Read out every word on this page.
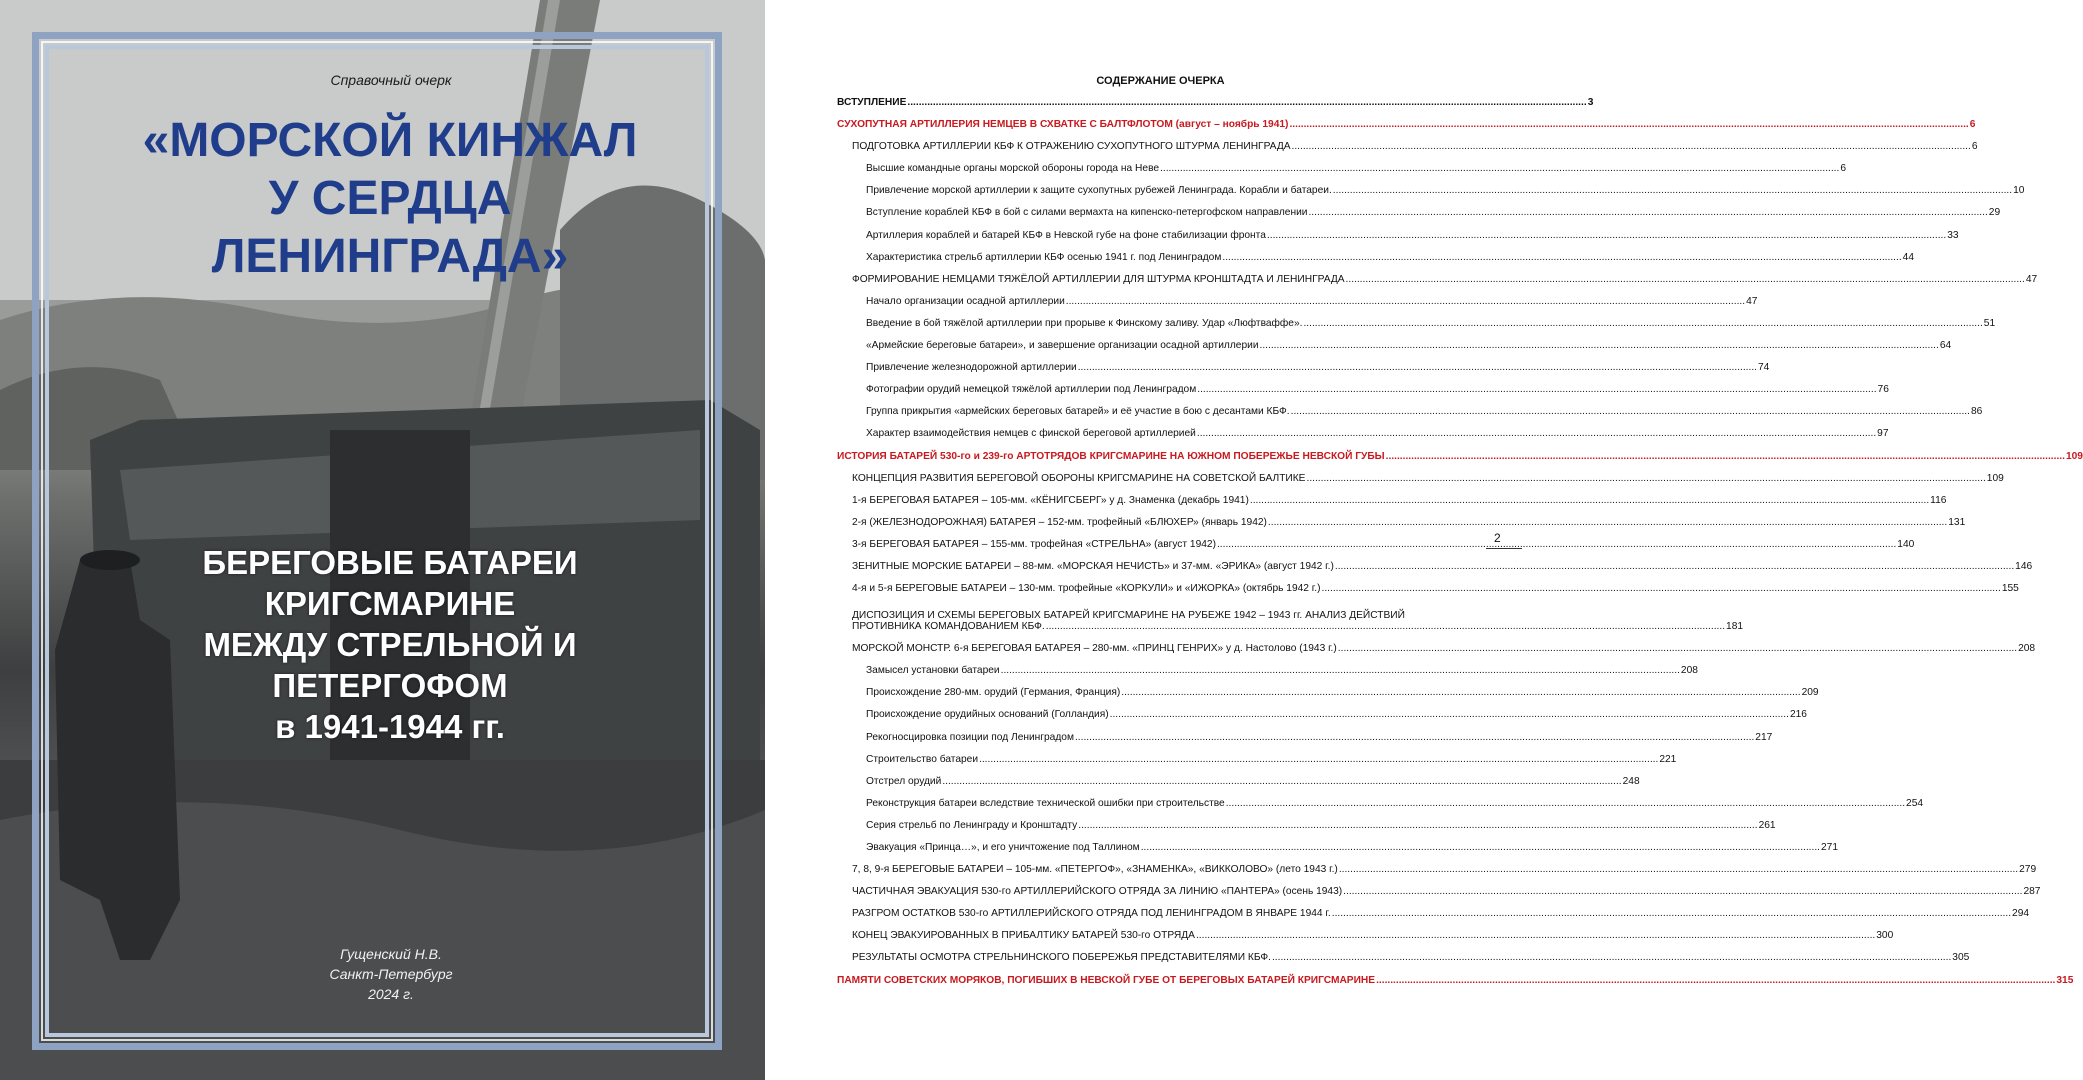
Справочный очерк
«МОРСКОЙ КИНЖАЛ
У СЕРДЦА
ЛЕНИНГРАДА»
БЕРЕГОВЫЕ БАТАРЕИ
КРИГСМАРИНЕ
МЕЖДУ СТРЕЛЬНОЙ И
ПЕТЕРГОФОМ
в 1941-1944 гг.
Гущенский Н.В.
Санкт-Петербург
2024 г.
СОДЕРЖАНИЕ ОЧЕРКА
ВСТУПЛЕНИЕ .....	3
СУХОПУТНАЯ АРТИЛЛЕРИЯ НЕМЦЕВ В СХВАТКЕ С БАЛТФЛОТОМ (август – ноябрь 1941) .....	6
ПОДГОТОВКА АРТИЛЛЕРИИ КБФ К ОТРАЖЕНИЮ СУХОПУТНОГО ШТУРМА ЛЕНИНГРАДА .....	6
Высшие командные органы морской обороны города на Неве .....	6
Привлечение морской артиллерии к защите сухопутных рубежей Ленинграда. Корабли и батареи. .....	10
Вступление кораблей КБФ в бой с силами вермахта на кипенско-петергофском направлении .....	29
Артиллерия кораблей и батарей КБФ в Невской губе на фоне стабилизации фронта .....	33
Характеристика стрельб артиллерии КБФ осенью 1941 г. под Ленинградом .....	44
ФОРМИРОВАНИЕ НЕМЦАМИ ТЯЖЁЛОЙ АРТИЛЛЕРИИ ДЛЯ ШТУРМА КРОНШТАДТА И ЛЕНИНГРАДА .....	47
Начало организации осадной артиллерии .....	47
Введение в бой тяжёлой артиллерии при прорыве к Финскому заливу. Удар «Люфтваффе». .....	51
«Армейские береговые батареи», и завершение организации осадной артиллерии .....	64
Привлечение железнодорожной артиллерии .....	74
Фотографии орудий немецкой тяжёлой артиллерии под Ленинградом .....	76
Группа прикрытия «армейских береговых батарей» и её участие в бою с десантами КБФ. .....	86
Характер взаимодействия немцев с финской береговой артиллерией .....	97
ИСТОРИЯ БАТАРЕЙ 530-го и 239-го АРТОТРЯДОВ КРИГСМАРИНЕ НА ЮЖНОМ ПОБЕРЕЖЬЕ НЕВСКОЙ ГУБЫ .....	109
КОНЦЕПЦИЯ РАЗВИТИЯ БЕРЕГОВОЙ ОБОРОНЫ КРИГСМАРИНЕ НА СОВЕТСКОЙ БАЛТИКЕ .....	109
1-я БЕРЕГОВАЯ БАТАРЕЯ – 105-мм. «КЁНИГСБЕРГ» у д. Знаменка (декабрь 1941) .....	116
2-я (ЖЕЛЕЗНОДОРОЖНАЯ) БАТАРЕЯ – 152-мм. трофейный «БЛЮХЕР» (январь 1942) .....	131
3-я БЕРЕГОВАЯ БАТАРЕЯ – 155-мм. трофейная «СТРЕЛЬНА» (август 1942) .....	140
ЗЕНИТНЫЕ МОРСКИЕ БАТАРЕИ – 88-мм. «МОРСКАЯ НЕЧИСТЬ» и 37-мм. «ЭРИКА» (август 1942 г.) .....	146
4-я и 5-я БЕРЕГОВЫЕ БАТАРЕИ – 130-мм. трофейные «КОРКУЛИ» и «ИЖОРКА» (октябрь 1942 г.) .....	155
ДИСПОЗИЦИЯ И СХЕМЫ БЕРЕГОВЫХ БАТАРЕЙ КРИГСМАРИНЕ НА РУБЕЖЕ 1942 – 1943 гг. АНАЛИЗ ДЕЙСТВИЙ
ПРОТИВНИКА КОМАНДОВАНИЕМ КБФ. .....	181
МОРСКОЙ МОНСТР. 6-я БЕРЕГОВАЯ БАТАРЕЯ – 280-мм. «ПРИНЦ ГЕНРИХ» у д. Настолово (1943 г.) .....	208
Замысел установки батареи .....	208
Происхождение 280-мм. орудий (Германия, Франция) .....	209
Происхождение орудийных оснований (Голландия) .....	216
Рекогносцировка позиции под Ленинградом .....	217
Строительство батареи .....	221
Отстрел орудий .....	248
Реконструкция батареи вследствие технической ошибки при строительстве .....	254
Серия стрельб по Ленинграду и Кронштадту .....	261
Эвакуация «Принца…», и его уничтожение под Таллином .....	271
7, 8, 9-я БЕРЕГОВЫЕ БАТАРЕИ – 105-мм. «ПЕТЕРГОФ», «ЗНАМЕНКА», «ВИККОЛОВО» (лето 1943 г.) .....	279
ЧАСТИЧНАЯ ЭВАКУАЦИЯ 530-го АРТИЛЛЕРИЙСКОГО ОТРЯДА ЗА ЛИНИЮ «ПАНТЕРА» (осень 1943) .....	287
РАЗГРОМ ОСТАТКОВ 530-го АРТИЛЛЕРИЙСКОГО ОТРЯДА ПОД ЛЕНИНГРАДОМ В ЯНВАРЕ 1944 г. .....	294
КОНЕЦ ЭВАКУИРОВАННЫХ В ПРИБАЛТИКУ БАТАРЕЙ 530-го ОТРЯДА .....	300
РЕЗУЛЬТАТЫ ОСМОТРА СТРЕЛЬНИНСКОГО ПОБЕРЕЖЬЯ ПРЕДСТАВИТЕЛЯМИ КБФ. .....	305
ПАМЯТИ СОВЕТСКИХ МОРЯКОВ, ПОГИБШИХ В НЕВСКОЙ ГУБЕ ОТ БЕРЕГОВЫХ БАТАРЕЙ КРИГСМАРИНЕ .....	315
2
